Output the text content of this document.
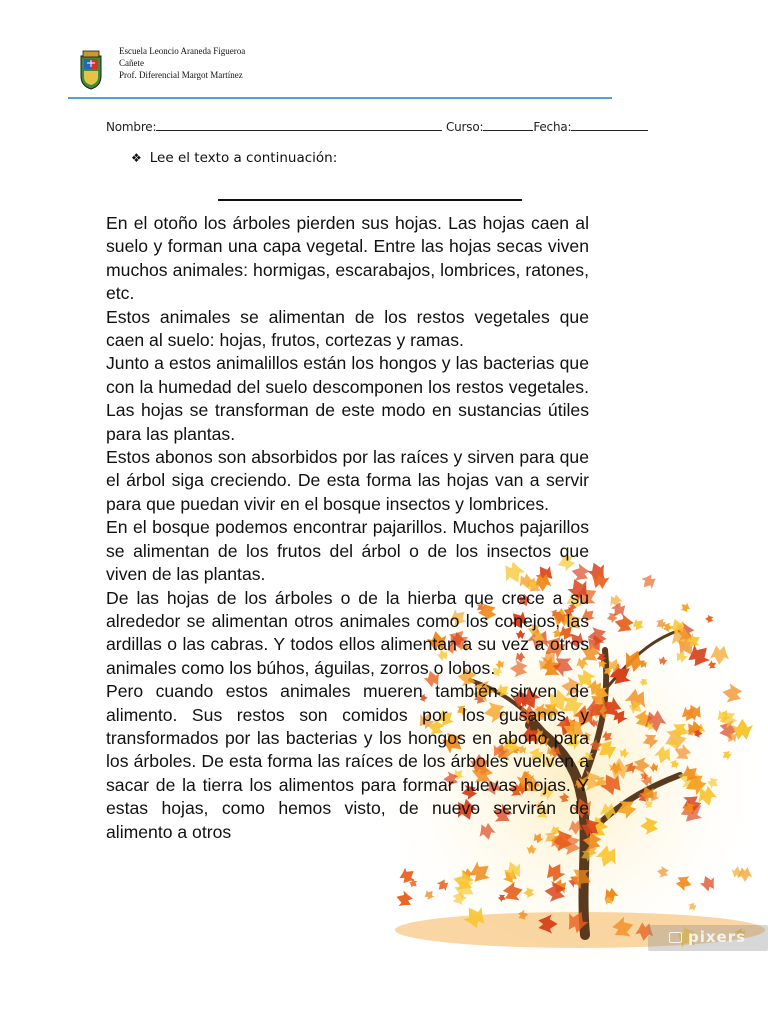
Escuela Leoncio Araneda Figueroa
Cañete
Prof. Diferencial Margot Martínez
Nombre:	Curso:	Fecha:
❖ Lee el texto a continuación:

En el otoño los árboles pierden sus hojas. Las hojas caen al suelo y forman una capa vegetal. Entre las hojas secas viven muchos animales: hormigas, escarabajos, lombrices, ratones, etc.

Estos animales se alimentan de los restos vegetales que caen al suelo: hojas, frutos, cortezas y ramas.

Junto a estos animalillos están los hongos y las bacterias que con la humedad del suelo descomponen los restos vegetales. Las hojas se transforman de este modo en sustancias útiles para las plantas.

Estos abonos son absorbidos por las raíces y sirven para que el árbol siga creciendo. De esta forma las hojas van a servir para que puedan vivir en el bosque insectos y lombrices.

En el bosque podemos encontrar pajarillos. Muchos pajarillos se alimentan de los frutos del árbol o de los insectos que viven de las plantas.

De las hojas de los árboles o de la hierba que crece a su alrededor se alimentan otros animales como los conejos, las ardillas o las cabras. Y todos ellos alimentan a su vez a otros animales como los búhos, águilas, zorros o lobos.

Pero cuando estos animales mueren también sirven de alimento. Sus restos son comidos por los gusanos y transformados por las bacterias y los hongos en abono para los árboles. De esta forma las raíces de los árboles vuelven a sacar de la tierra los alimentos para formar nuevas hojas. Y estas hojas, como hemos visto, de nuevo servirán de alimento a otros

pixers
